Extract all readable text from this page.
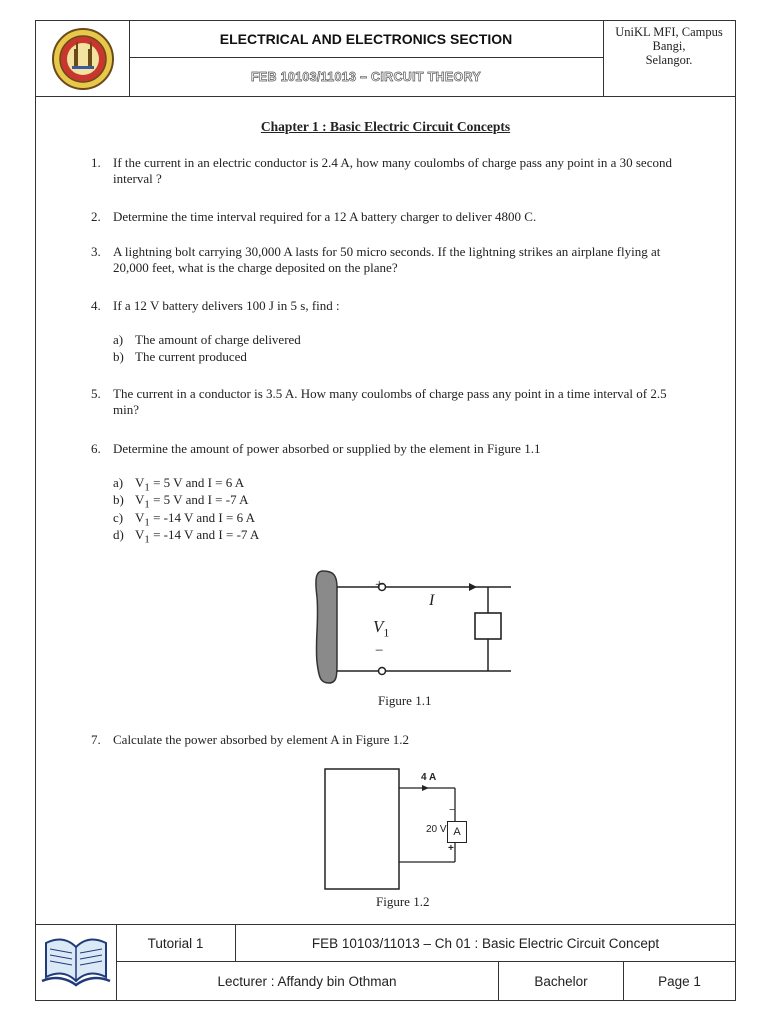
ELECTRICAL AND ELECTRONICS SECTION
FEB 10103/11013 – CIRCUIT THEORY
UniKL MFI, Campus
Bangi,
Selangor.
Chapter 1 : Basic Electric Circuit Concepts
1. If the current in an electric conductor is 2.4 A, how many coulombs of charge pass any point in a 30 second interval ?
2. Determine the time interval required for a 12 A battery charger to deliver 4800 C.
3. A lightning bolt carrying 30,000 A lasts for 50 micro seconds. If the lightning strikes an airplane flying at 20,000 feet, what is the charge deposited on the plane?
4. If a 12 V battery delivers 100 J in 5 s, find :
a) The amount of charge delivered
b) The current produced
5. The current in a conductor is 3.5 A. How many coulombs of charge pass any point in a time interval of 2.5 min?
6. Determine the amount of power absorbed or supplied by the element in Figure 1.1
a) $V_1 = 5$ V and I = 6 A
b) $V_1 = 5$ V and I = -7 A
c) $V_1 = -14$ V and I = 6 A
d) $V_1 = -14$ V and I = -7 A
+
−
$V_1$
I
Figure 1.1
7. Calculate the power absorbed by element A in Figure 1.2
A
4 A
20 V
−
+
Figure 1.2
Tutorial 1	FEB 10103/11013 – Ch 01 : Basic Electric Circuit Concept
Lecturer : Affandy bin Othman	Bachelor	Page 1
